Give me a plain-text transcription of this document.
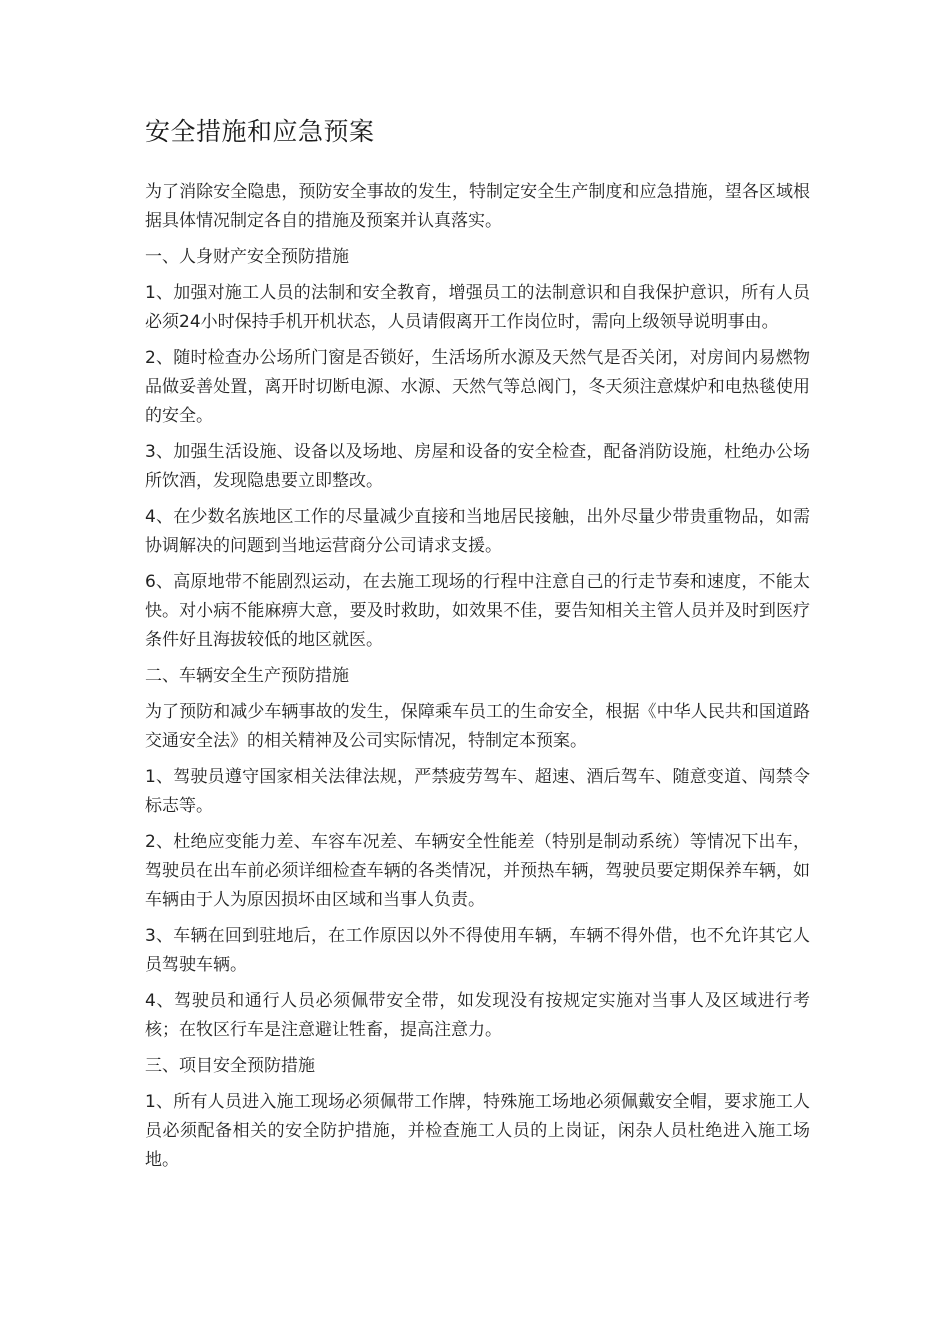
安全措施和应急预案

为了消除安全隐患，预防安全事故的发生，特制定安全生产制度和应急措施，望各区域根据具体情况制定各自的措施及预案并认真落实。

一、人身财产安全预防措施

1、加强对施工人员的法制和安全教育，增强员工的法制意识和自我保护意识，所有人员必须24小时保持手机开机状态，人员请假离开工作岗位时，需向上级领导说明事由。

2、随时检查办公场所门窗是否锁好，生活场所水源及天然气是否关闭，对房间内易燃物品做妥善处置，离开时切断电源、水源、天然气等总阀门，冬天须注意煤炉和电热毯使用的安全。

3、加强生活设施、设备以及场地、房屋和设备的安全检查，配备消防设施，杜绝办公场所饮酒，发现隐患要立即整改。

4、在少数名族地区工作的尽量减少直接和当地居民接触，出外尽量少带贵重物品，如需协调解决的问题到当地运营商分公司请求支援。

6、高原地带不能剧烈运动，在去施工现场的行程中注意自己的行走节奏和速度，不能太快。对小病不能麻痹大意，要及时救助，如效果不佳，要告知相关主管人员并及时到医疗条件好且海拔较低的地区就医。

二、车辆安全生产预防措施

为了预防和减少车辆事故的发生，保障乘车员工的生命安全，根据《中华人民共和国道路交通安全法》的相关精神及公司实际情况，特制定本预案。

1、驾驶员遵守国家相关法律法规，严禁疲劳驾车、超速、酒后驾车、随意变道、闯禁令标志等。

2、杜绝应变能力差、车容车况差、车辆安全性能差（特别是制动系统）等情况下出车，驾驶员在出车前必须详细检查车辆的各类情况，并预热车辆，驾驶员要定期保养车辆，如车辆由于人为原因损坏由区域和当事人负责。

3、车辆在回到驻地后，在工作原因以外不得使用车辆，车辆不得外借，也不允许其它人员驾驶车辆。

4、驾驶员和通行人员必须佩带安全带，如发现没有按规定实施对当事人及区域进行考核；在牧区行车是注意避让牲畜，提高注意力。

三、项目安全预防措施

1、所有人员进入施工现场必须佩带工作牌，特殊施工场地必须佩戴安全帽，要求施工人员必须配备相关的安全防护措施，并检查施工人员的上岗证，闲杂人员杜绝进入施工场地。
